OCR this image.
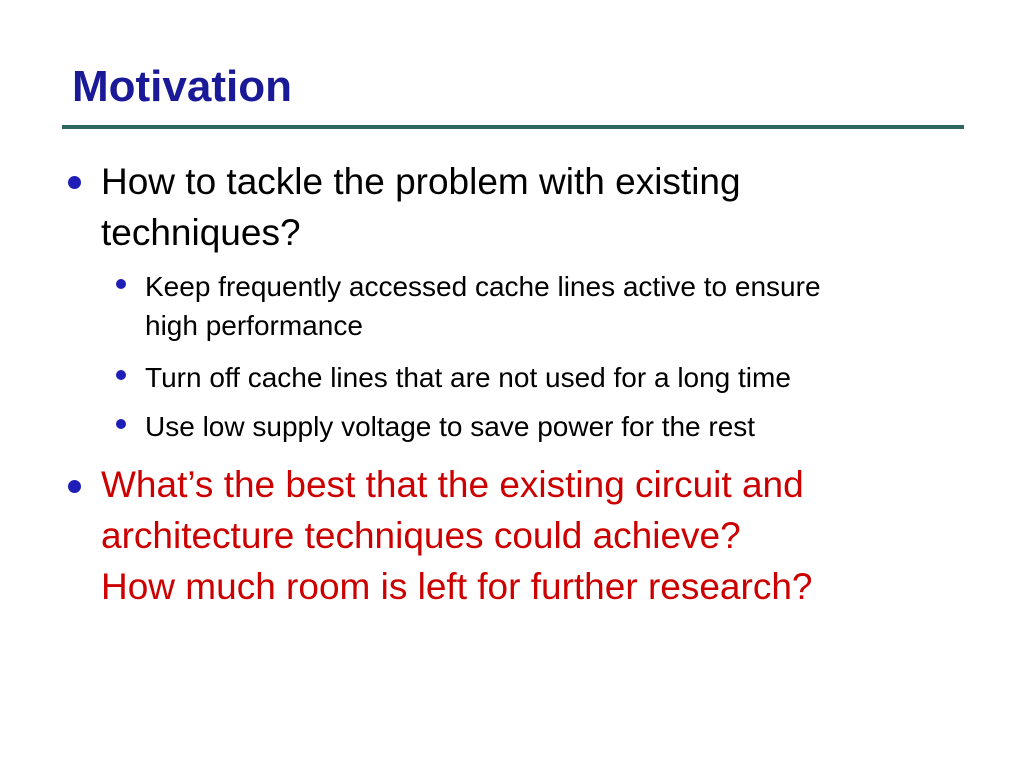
Motivation
How to tackle the problem with existing
techniques?
Keep frequently accessed cache lines active to ensure
high performance
Turn off cache lines that are not used for a long time
Use low supply voltage to save power for the rest
What’s the best that the existing circuit and
architecture techniques could achieve?
How much room is left for further research?
